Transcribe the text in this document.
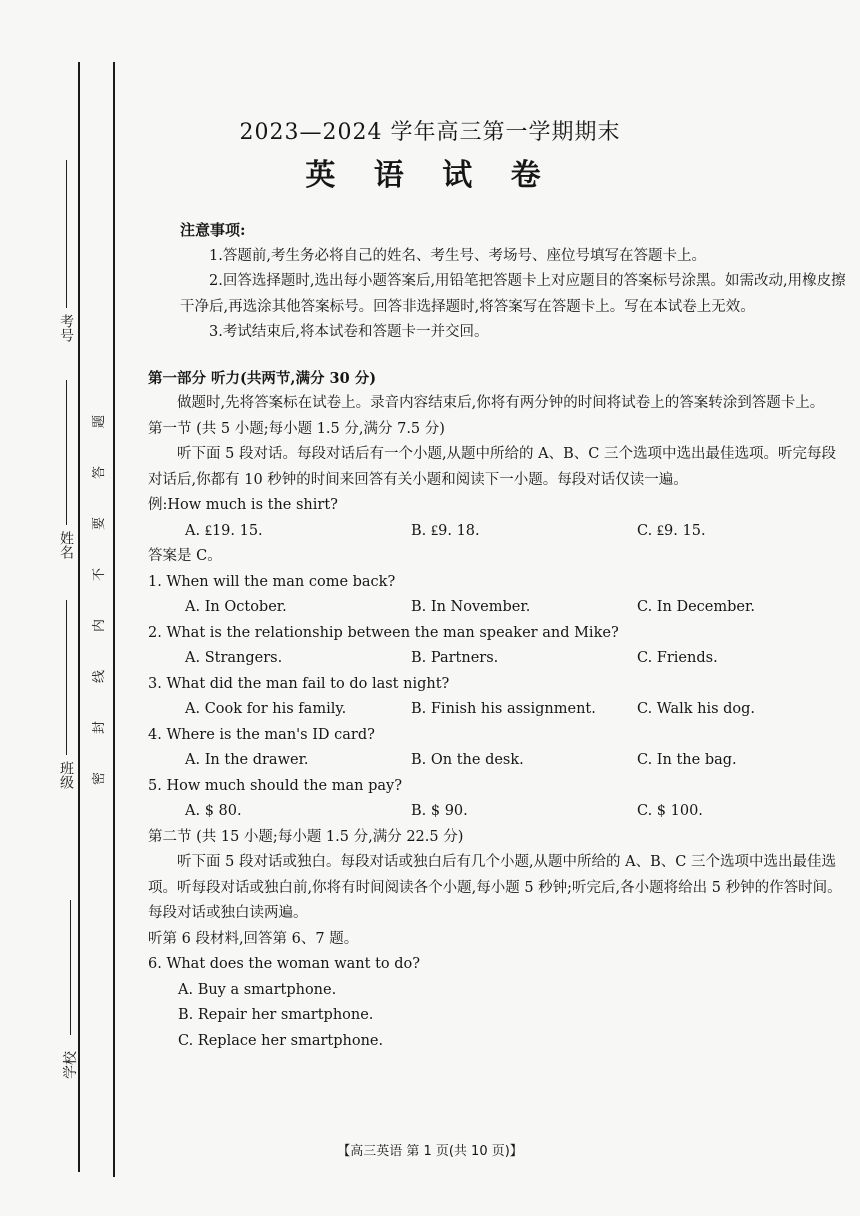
考号
姓名
班级
学校
密
封
线
内
不
要
答
题
2023—2024 学年高三第一学期期末
英 语 试 卷
注意事项:

1.答题前,考生务必将自己的姓名、考生号、考场号、座位号填写在答题卡上。

2.回答选择题时,选出每小题答案后,用铅笔把答题卡上对应题目的答案标号涂黑。如需改动,用橡皮擦干净后,再选涂其他答案标号。回答非选择题时,将答案写在答题卡上。写在本试卷上无效。

3.考试结束后,将本试卷和答题卡一并交回。

第一部分 听力(共两节,满分 30 分)

做题时,先将答案标在试卷上。录音内容结束后,你将有两分钟的时间将试卷上的答案转涂到答题卡上。

第一节 (共 5 小题;每小题 1.5 分,满分 7.5 分)

听下面 5 段对话。每段对话后有一个小题,从题中所给的 A、B、C 三个选项中选出最佳选项。听完每段对话后,你都有 10 秒钟的时间来回答有关小题和阅读下一小题。每段对话仅读一遍。

例:How much is the shirt?

A. ₤19. 15.	B. ₤9. 18.	C. ₤9. 15.

答案是 C。

1. When will the man come back?

A. In October.	B. In November.	C. In December.

2. What is the relationship between the man speaker and Mike?

A. Strangers.	B. Partners.	C. Friends.

3. What did the man fail to do last night?

A. Cook for his family.	B. Finish his assignment.	C. Walk his dog.

4. Where is the man's ID card?

A. In the drawer.	B. On the desk.	C. In the bag.

5. How much should the man pay?

A. $ 80.	B. $ 90.	C. $ 100.

第二节 (共 15 小题;每小题 1.5 分,满分 22.5 分)

听下面 5 段对话或独白。每段对话或独白后有几个小题,从题中所给的 A、B、C 三个选项中选出最佳选项。听每段对话或独白前,你将有时间阅读各个小题,每小题 5 秒钟;听完后,各小题将给出 5 秒钟的作答时间。每段对话或独白读两遍。

听第 6 段材料,回答第 6、7 题。

6. What does the woman want to do?

A. Buy a smartphone.

B. Repair her smartphone.

C. Replace her smartphone.

【高三英语 第 1 页(共 10 页)】
